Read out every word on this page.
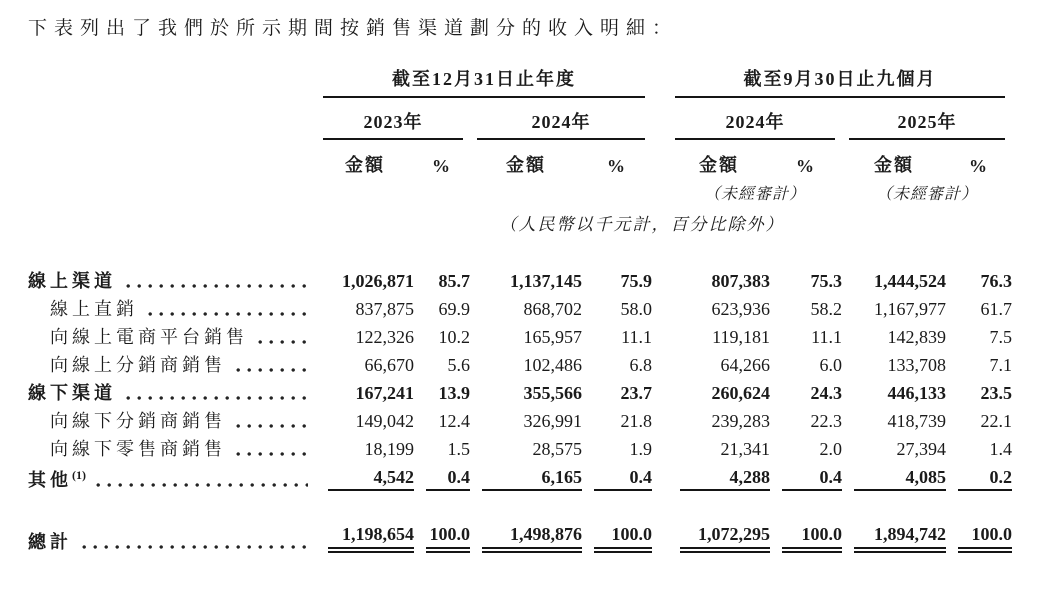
下表列出了我們於所示期間按銷售渠道劃分的收入明細：

	截至12月31日止年度					截至9月30日止九個月			

	2023年		2024年			2024年		2025年	

	金額	%	金額	%		金額	%	金額	%
						（未經審計）		（未經審計）	
	（人民幣以千元計，百分比除外）								

線上渠道	1,026,871	85.7	1,137,145	75.9		807,383	75.3	1,444,524	76.3

線上直銷	837,875	69.9	868,702	58.0		623,936	58.2	1,167,977	61.7

向線上電商平台銷售	122,326	10.2	165,957	11.1		119,181	11.1	142,839	7.5

向線上分銷商銷售	66,670	5.6	102,486	6.8		64,266	6.0	133,708	7.1

線下渠道	167,241	13.9	355,566	23.7		260,624	24.3	446,133	23.5

向線下分銷商銷售	149,042	12.4	326,991	21.8		239,283	22.3	418,739	22.1

向線下零售商銷售	18,199	1.5	28,575	1.9		21,341	2.0	27,394	1.4

其他$^{(1)}$	4,542	0.4	6,165	0.4		4,288	0.4	4,085	0.2

總計	1,198,654	100.0	1,498,876	100.0		1,072,295	100.0	1,894,742	100.0
